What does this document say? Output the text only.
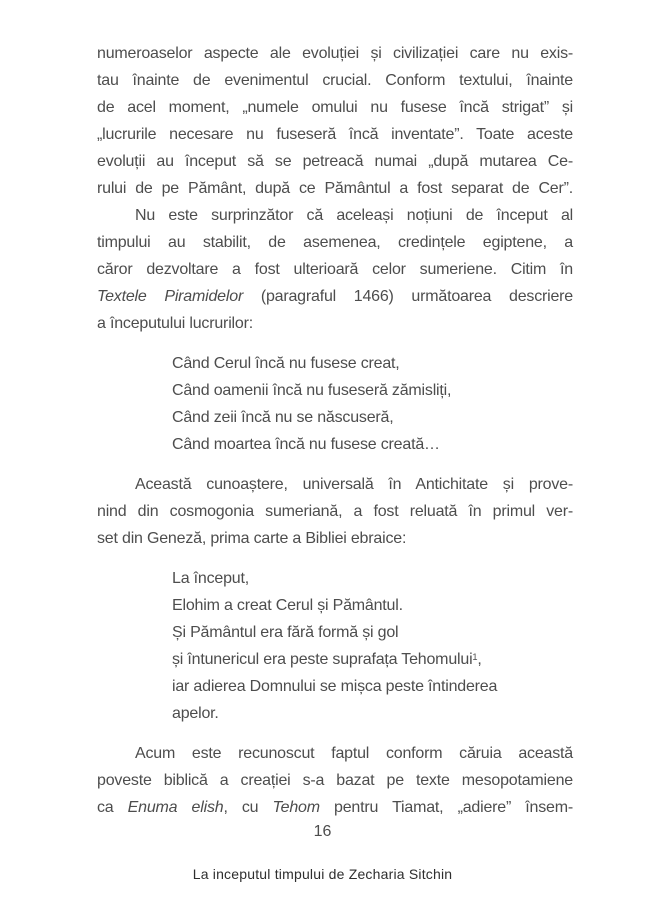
numeroaselor aspecte ale evoluției și civilizației care nu exis-
tau înainte de evenimentul crucial. Conform textului, înainte
de acel moment, „numele omului nu fusese încă strigat” și
„lucrurile necesare nu fuseseră încă inventate”. Toate aceste
evoluții au început să se petreacă numai „după mutarea Ce-
rului de pe Pământ, după ce Pământul a fost separat de Cer”.
Nu este surprinzător că aceleași noțiuni de început al
timpului au stabilit, de asemenea, credințele egiptene, a
căror dezvoltare a fost ulterioară celor sumeriene. Citim în
Textele Piramidelor (paragraful 1466) următoarea descriere
a începutului lucrurilor:
Când Cerul încă nu fusese creat,
Când oamenii încă nu fuseseră zămisliți,
Când zeii încă nu se născuseră,
Când moartea încă nu fusese creată…
Această cunoaștere, universală în Antichitate și prove-
nind din cosmogonia sumeriană, a fost reluată în primul ver-
set din Geneză, prima carte a Bibliei ebraice:
La început,
Elohim a creat Cerul și Pământul.
Și Pământul era fără formă și gol
și întunericul era peste suprafața Tehomului$^1$,
iar adierea Domnului se mișca peste întinderea
apelor.
Acum este recunoscut faptul conform căruia această
poveste biblică a creației s-a bazat pe texte mesopotamiene
ca Enuma elish, cu Tehom pentru Tiamat, „adiere” însem-
16
La inceputul timpului de Zecharia Sitchin
